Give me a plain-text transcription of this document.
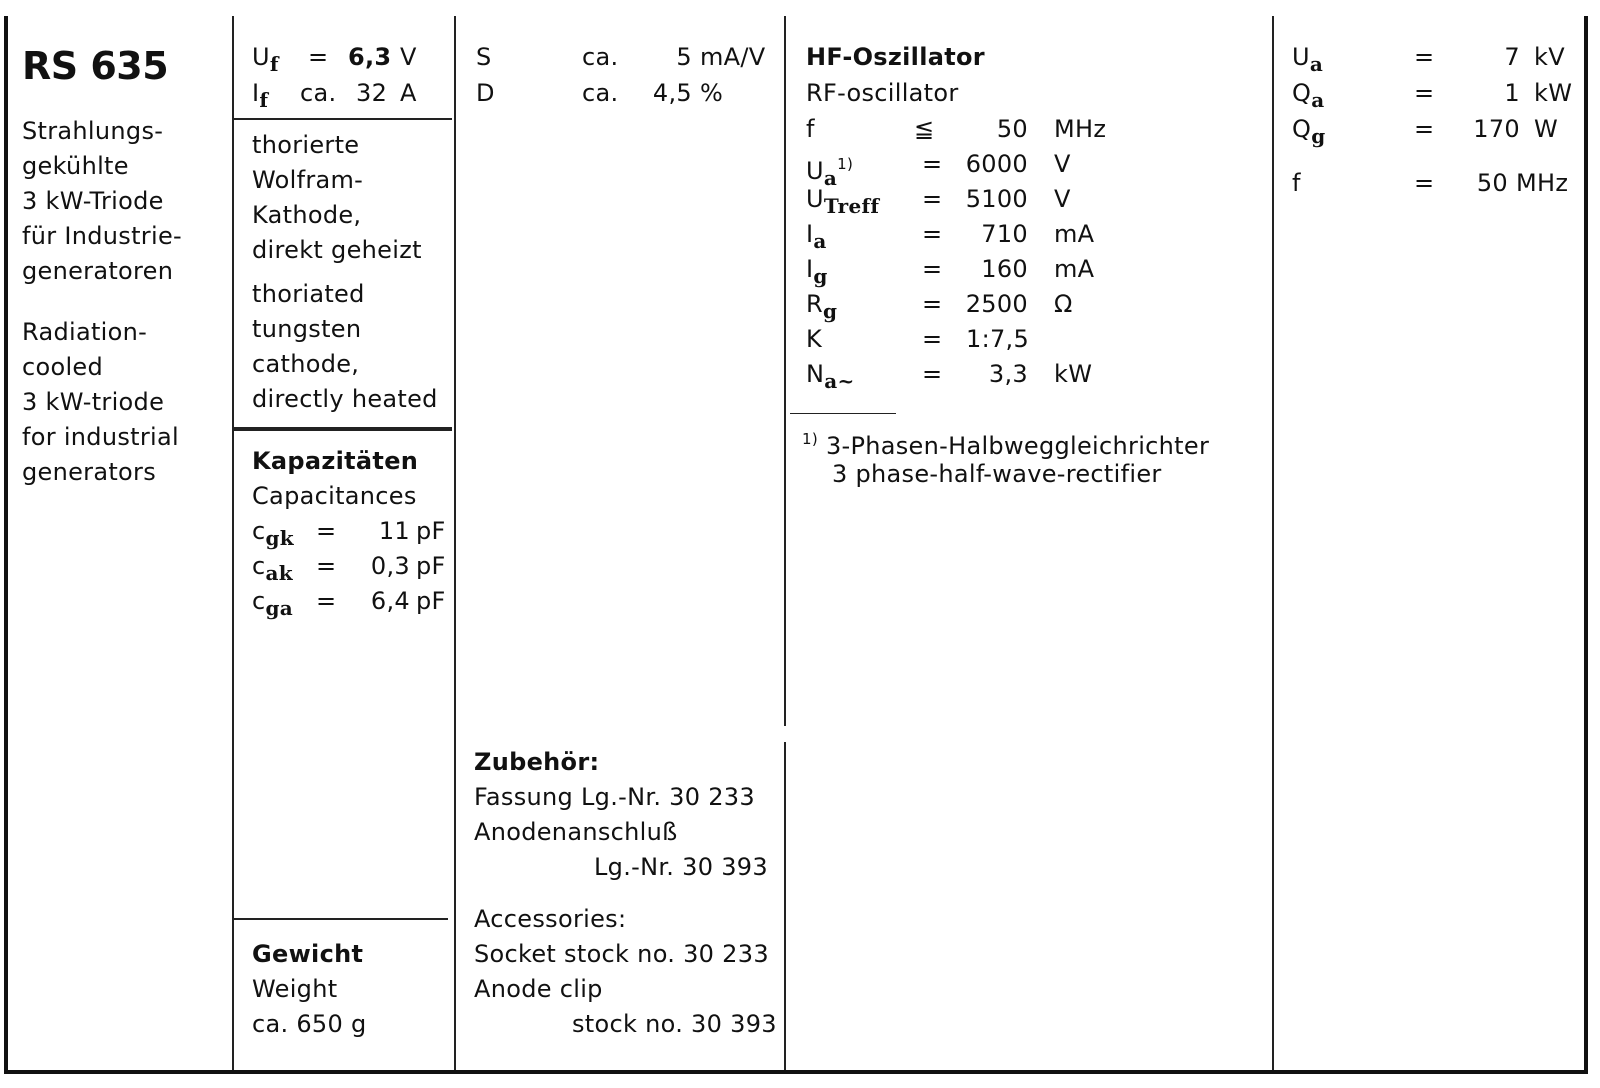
RS 635
Strahlungs-
gekühlte
3 kW-Triode
für Industrie-
generatoren
Radiation-
cooled
3 kW-triode
for industrial
generators
$U_f = 6,3$ V
$I_f$ ca. 32 A
thorierte
Wolfram-
Kathode,
direkt geheizt
thoriated
tungsten
cathode,
directly heated
Kapazitäten
Capacitances
$c_{gk}$ =	11 pF
$c_{ak}$ =	0,3 pF
$c_{ga}$ =	6,4 pF
Gewicht
Weight
ca. 650 g
S	ca.	5 mA/V
D	ca.	4,5 %
Zubehör:
Fassung Lg.-Nr. 30 233
Anodenanschluß
Lg.-Nr. 30 393
Accessories:
Socket stock no. 30 233
Anode clip
stock no. 30 393
HF-Oszillator
RF-oscillator
f	≦	50 MHz
$U_a^{1)}$	= 6000 V
$U_{Treff} = 5100$ V
$I_a$	=	710 mA
$I_g$	=	160 mA
$R_g$	= 2500 Ω
K	= 1:7,5
$N_{a\sim}$	=	3,3 kW
$^{1)}$ 3-Phasen-Halbweggleichrichter
3 phase-half-wave-rectifier
$U_a$	=	7 kV
$Q_a$	=	1 kW
$Q_g$	=	170 W
f	=	50 MHz
